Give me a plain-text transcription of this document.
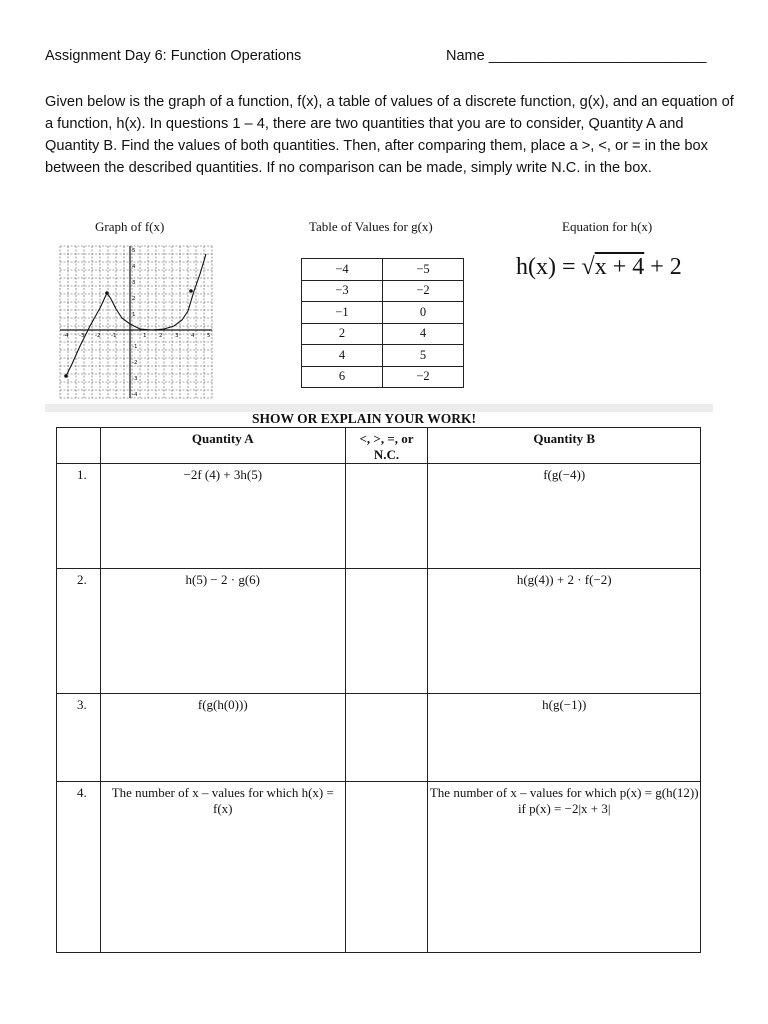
Assignment Day 6: Function Operations	Name ___________________________
Given below is the graph of a function, f(x), a table of values of a discrete function, g(x), and an equation of a function, h(x). In questions 1 – 4, there are two quantities that you are to consider, Quantity A and Quantity B. Find the values of both quantities. Then, after comparing them, place a >, <, or = in the box between the described quantities. If no comparison can be made, simply write N.C. in the box.
Graph of f(x)	Table of Values for g(x)	Equation for h(x)
-4 -3 -2 -1	1 2 3 4 5
5
4
3
2
1
-1
-2
-3
-4
−4	−5
−3	−2
−1	0
2	4
4	5
6	−2
h(x) = √x + 4 + 2
SHOW OR EXPLAIN YOUR WORK!
	Quantity A	<, >, =, or N.C.	Quantity B
1.	−2f (4) + 3h(5)		f(g(−4))
2.	h(5) − 2 · g(6)		h(g(4)) + 2 · f(−2)
3.	f(g(h(0)))		h(g(−1))
4.	The number of x – values for which h(x) = f(x)		The number of x – values for which p(x) = g(h(12)) if p(x) = −2|x + 3|
